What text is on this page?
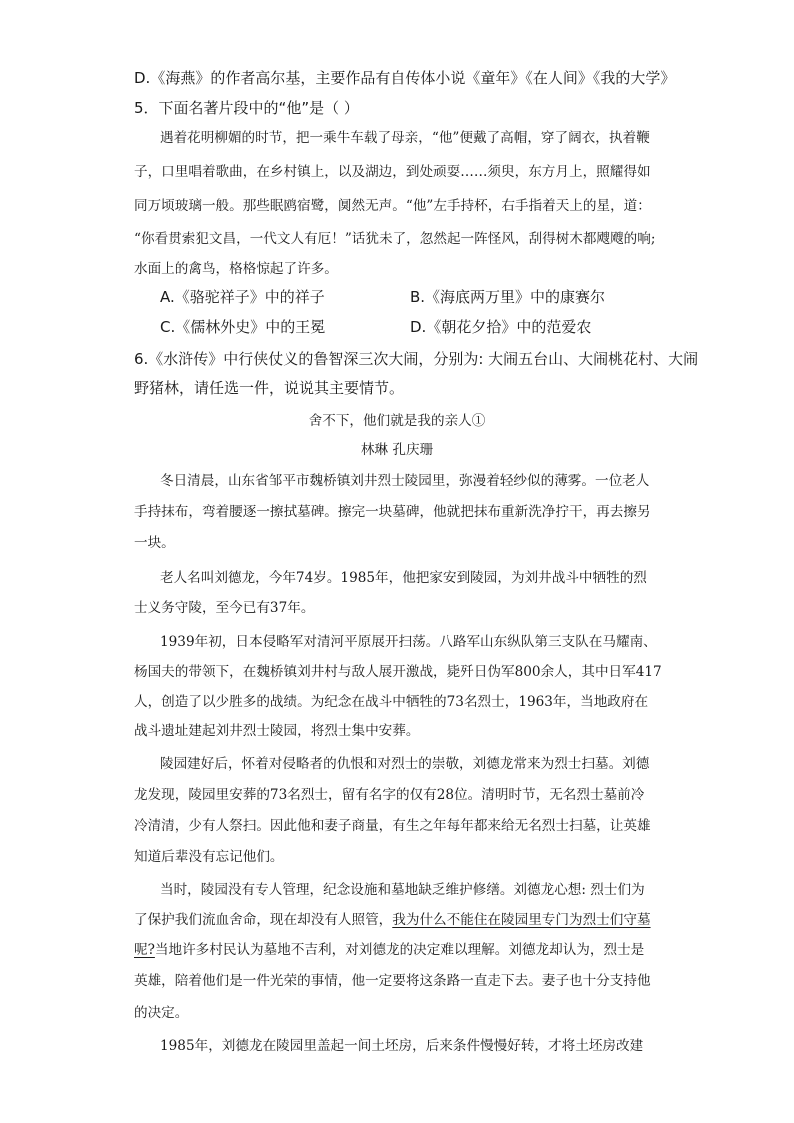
D.《海燕》的作者高尔基，主要作品有自传体小说《童年》《在人间》《我的大学》
5．下面名著片段中的“他”是（ ）
遇着花明柳媚的时节，把一乘牛车载了母亲，“他”便戴了高帽，穿了阔衣，执着鞭
子，口里唱着歌曲，在乡村镇上，以及湖边，到处顽耍……须臾，东方月上，照耀得如
同万顷玻璃一般。那些眠鸥宿鹭，阒然无声。“他”左手持杯，右手指着天上的星，道：
“你看贯索犯文昌，一代文人有厄！”话犹未了，忽然起一阵怪风，刮得树木都飕飕的响;
水面上的禽鸟，格格惊起了许多。
A.《骆驼祥子》中的祥子	B.《海底两万里》中的康赛尔
C.《儒林外史》中的王冕	D.《朝花夕拾》中的范爱农
6.《水浒传》中行侠仗义的鲁智深三次大闹，分别为: 大闹五台山、大闹桃花村、大闹
野猪林，请任选一件，说说其主要情节。
舍不下，他们就是我的亲人①
林琳 孔庆珊
冬日清晨，山东省邹平市魏桥镇刘井烈士陵园里，弥漫着轻纱似的薄雾。一位老人
手持抹布，弯着腰逐一擦拭墓碑。擦完一块墓碑，他就把抹布重新洗净拧干，再去擦另
一块。
老人名叫刘德龙，今年74岁。1985年，他把家安到陵园，为刘井战斗中牺牲的烈
士义务守陵，至今已有37年。
1939年初，日本侵略军对清河平原展开扫荡。八路军山东纵队第三支队在马耀南、
杨国夫的带领下，在魏桥镇刘井村与敌人展开激战，毙歼日伪军800余人，其中日军417
人，创造了以少胜多的战绩。为纪念在战斗中牺牲的73名烈士，1963年，当地政府在
战斗遗址建起刘井烈士陵园，将烈士集中安葬。
陵园建好后，怀着对侵略者的仇恨和对烈士的崇敬，刘德龙常来为烈士扫墓。刘德
龙发现，陵园里安葬的73名烈士，留有名字的仅有28位。清明时节，无名烈士墓前冷
冷清清，少有人祭扫。因此他和妻子商量，有生之年每年都来给无名烈士扫墓，让英雄
知道后辈没有忘记他们。
当时，陵园没有专人管理，纪念设施和墓地缺乏维护修缮。刘德龙心想: 烈士们为
了保护我们流血舍命，现在却没有人照管，我为什么不能住在陵园里专门为烈士们守墓
呢?当地许多村民认为墓地不吉利，对刘德龙的决定难以理解。刘德龙却认为，烈士是
英雄，陪着他们是一件光荣的事情，他一定要将这条路一直走下去。妻子也十分支持他
的决定。
1985年，刘德龙在陵园里盖起一间土坯房，后来条件慢慢好转，才将土坯房改建
